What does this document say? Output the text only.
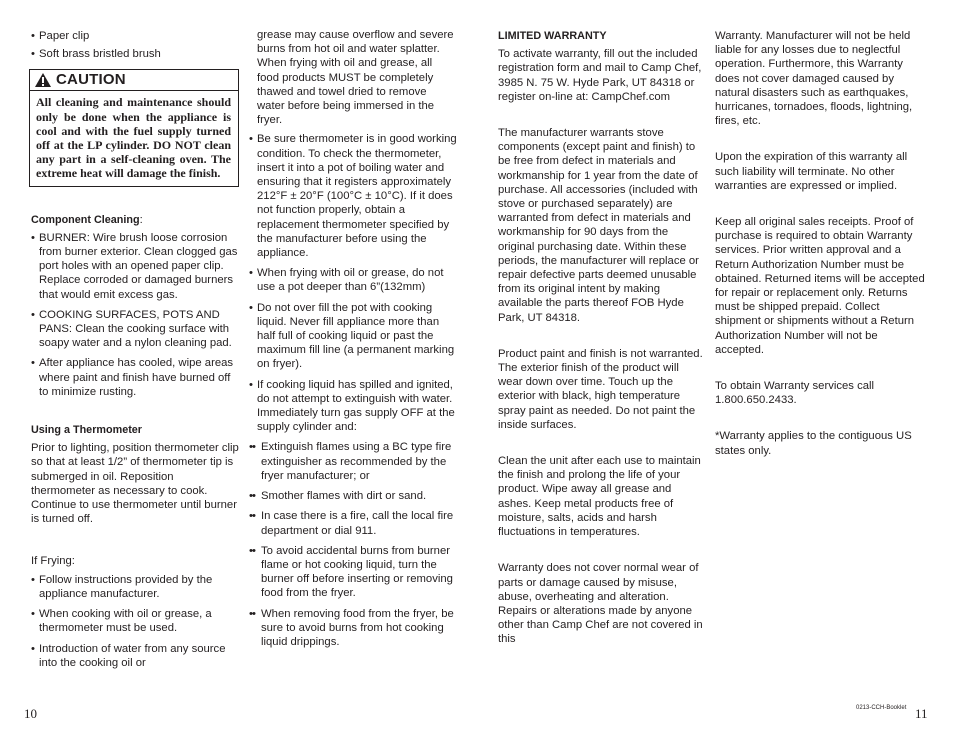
• Paper clip
• Soft brass bristled brush
CAUTION
All cleaning and maintenance should only be done when the appliance is cool and with the fuel supply turned off at the LP cylinder. DO NOT clean any part in a self-cleaning oven. The extreme heat will damage the finish.

Component Cleaning:

• BURNER: Wire brush loose corrosion from burner exterior. Clean clogged gas port holes with an opened paper clip. Replace corroded or damaged burners that would emit excess gas.
• COOKING SURFACES, POTS AND PANS: Clean the cooking surface with soapy water and a nylon cleaning pad.
• After appliance has cooled, wipe areas where paint and finish have burned off to minimize rusting.

Using a Thermometer

Prior to lighting, position thermometer clip so that at least 1/2” of thermometer tip is submerged in oil. Reposition thermometer as necessary to cook. Continue to use thermometer until burner is turned off.

If Frying:

• Follow instructions provided by the appliance manufacturer.
• When cooking with oil or grease, a thermometer must be used.
• Introduction of water from any source into the cooking oil or

grease may cause overflow and severe burns from hot oil and water splatter. When frying with oil and grease, all food products MUST be completely thawed and towel dried to remove water before being immersed in the fryer.

• Be sure thermometer is in good working condition. To check the thermometer, insert it into a pot of boiling water and ensuring that it registers approximately 212°F ± 20°F (100°C ± 10°C). If it does not function properly, obtain a replacement thermometer specified by the manufacturer before using the appliance.
• When frying with oil or grease, do not use a pot deeper than 6”(132mm)
• Do not over fill the pot with cooking liquid. Never fill appliance more than half full of cooking liquid or past the maximum fill line (a permanent marking on fryer).
• If cooking liquid has spilled and ignited, do not attempt to extinguish with water. Immediately turn gas supply OFF at the supply cylinder and:
•• Extinguish flames using a BC type fire extinguisher as recommended by the fryer manufacturer; or
•• Smother flames with dirt or sand.
•• In case there is a fire, call the local fire department or dial 911.
•• To avoid accidental burns from burner flame or hot cooking liquid, turn the burner off before inserting or removing food from the fryer.
•• When removing food from the fryer, be sure to avoid burns from hot cooking liquid drippings.

LIMITED WARRANTY

To activate warranty, fill out the included registration form and mail to Camp Chef, 3985 N. 75 W. Hyde Park, UT 84318 or register on-line at: CampChef.com

The manufacturer warrants stove components (except paint and finish) to be free from defect in materials and workmanship for 1 year from the date of purchase. All accessories (included with stove or purchased separately) are warranted from defect in materials and workmanship for 90 days from the original purchasing date. Within these periods, the manufacturer will replace or repair defective parts deemed unusable from its original intent by making available the parts thereof FOB Hyde Park, UT 84318.

Product paint and finish is not warranted. The exterior finish of the product will wear down over time. Touch up the exterior with black, high temperature spray paint as needed. Do not paint the inside surfaces.

Clean the unit after each use to maintain the finish and prolong the life of your product. Wipe away all grease and ashes. Keep metal products free of moisture, salts, acids and harsh fluctuations in temperatures.

Warranty does not cover normal wear of parts or damage caused by misuse, abuse, overheating and alteration. Repairs or alterations made by anyone other than Camp Chef are not covered in this

Warranty. Manufacturer will not be held liable for any losses due to neglectful operation. Furthermore, this Warranty does not cover damaged caused by natural disasters such as earthquakes, hurricanes, tornadoes, floods, lightning, fires, etc.

Upon the expiration of this warranty all such liability will terminate. No other warranties are expressed or implied.

Keep all original sales receipts. Proof of purchase is required to obtain Warranty services. Prior written approval and a Return Authorization Number must be obtained. Returned items will be accepted for repair or replacement only. Returns must be shipped prepaid. Collect shipment or shipments without a Return Authorization Number will not be accepted.

To obtain Warranty services call 1.800.650.2433.

*Warranty applies to the contiguous US states only.

10	0213-CCH-Booklet 11
